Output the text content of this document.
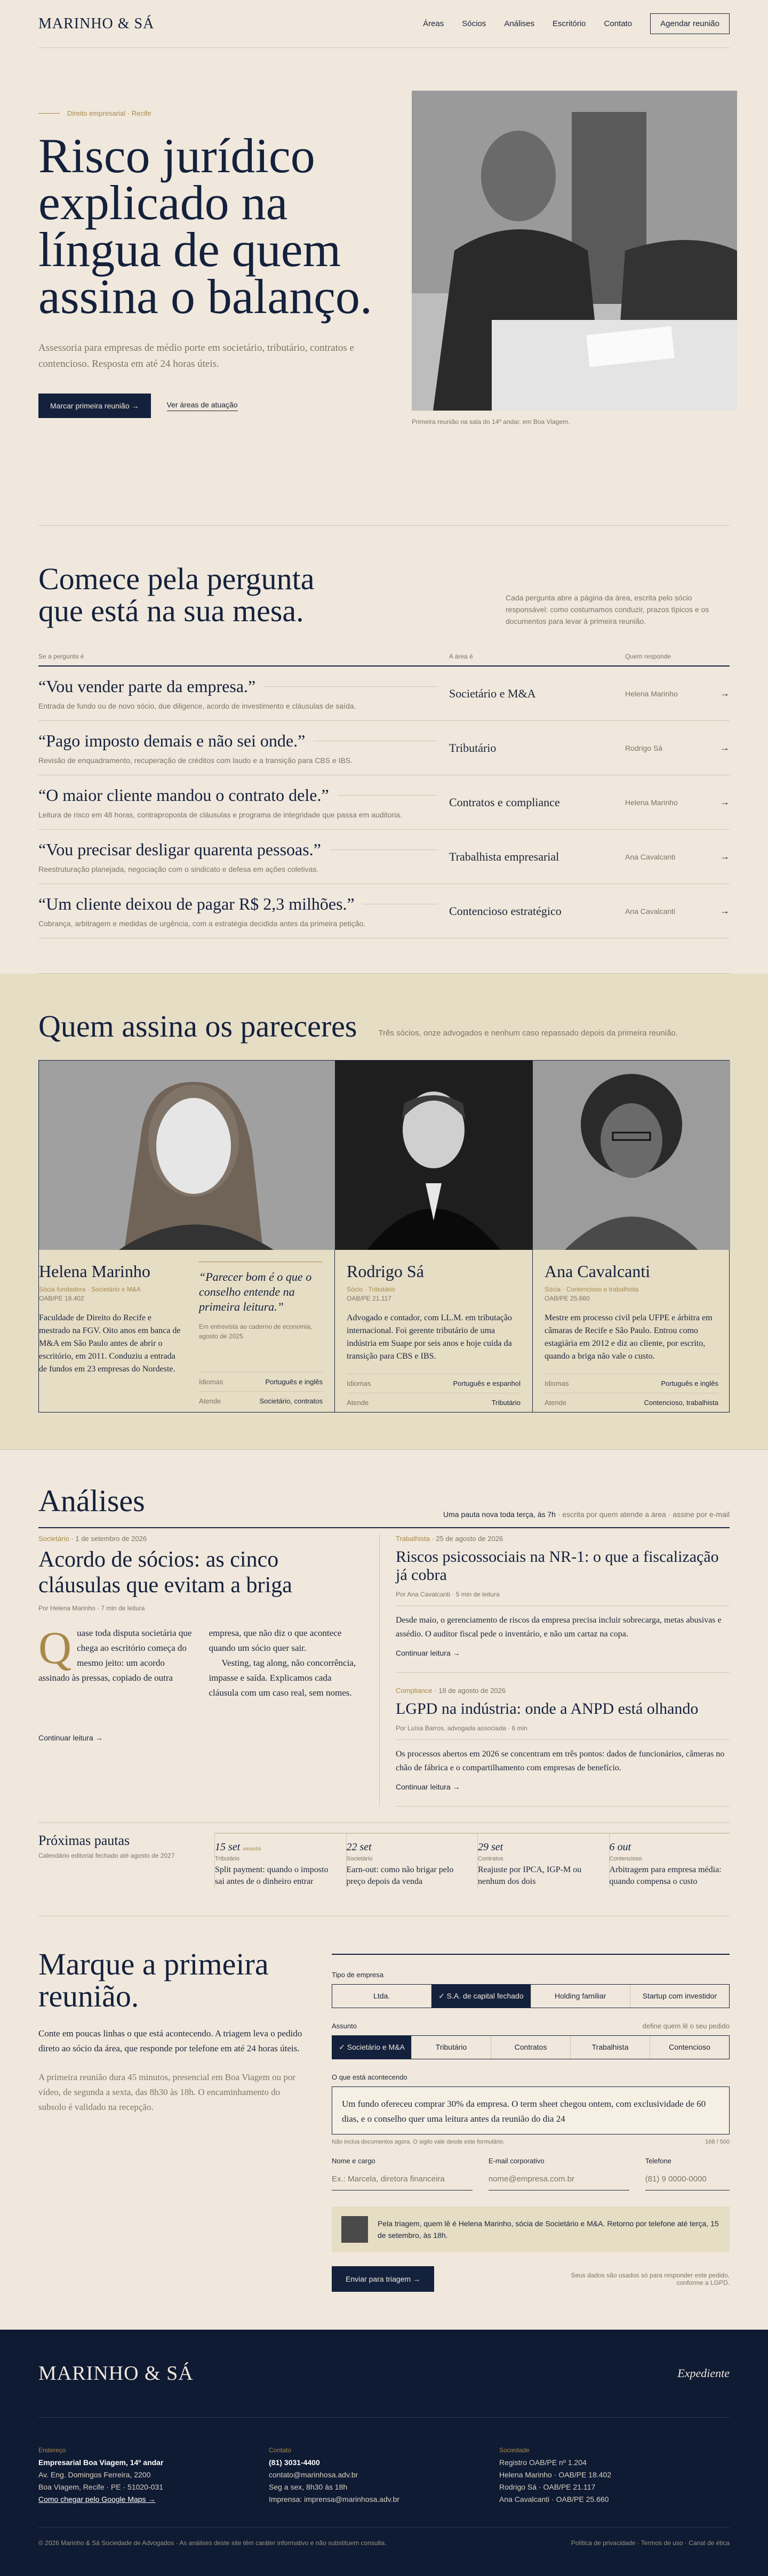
MARINHO & SÁ	Áreas Sócios Análises Escritório Contato	Agendar reunião
Direito empresarial · Recife
Risco jurídico explicado na língua de quem assina o balanço.

Assessoria para empresas de médio porte em societário, tributário, contratos e contencioso. Resposta em até 24 horas úteis.

Marcar primeira reunião →	Ver áreas de atuação
Primeira reunião na sala do 14º andar, em Boa Viagem.
Comece pela pergunta que está na sua mesa.	Cada pergunta abre a página da área, escrita pelo sócio responsável: como costumamos conduzir, prazos típicos e os documentos para levar à primeira reunião.

Se a pergunta é	A área é	Quem responde
“Vou vender parte da empresa.”
Entrada de fundo ou de novo sócio, due diligence, acordo de investimento e cláusulas de saída.
Societário e M&A	Helena Marinho	→
“Pago imposto demais e não sei onde.”
Revisão de enquadramento, recuperação de créditos com laudo e a transição para CBS e IBS.
Tributário	Rodrigo Sá	→
“O maior cliente mandou o contrato dele.”
Leitura de risco em 48 horas, contraproposta de cláusulas e programa de integridade que passa em auditoria.
Contratos e compliance	Helena Marinho	→
“Vou precisar desligar quarenta pessoas.”
Reestruturação planejada, negociação com o sindicato e defesa em ações coletivas.
Trabalhista empresarial	Ana Cavalcanti	→
“Um cliente deixou de pagar R$ 2,3 milhões.”
Cobrança, arbitragem e medidas de urgência, com a estratégia decidida antes da primeira petição.
Contencioso estratégico	Ana Cavalcanti	→
Quem assina os pareceres	Três sócios, onze advogados e nenhum caso repassado depois da primeira reunião.

Helena Marinho
Sócia fundadora · Societário e M&A
OAB/PE 18.402
Faculdade de Direito do Recife e mestrado na FGV. Oito anos em banca de M&A em São Paulo antes de abrir o escritório, em 2011. Conduziu a entrada de fundos em 23 empresas do Nordeste.
“Parecer bom é o que o conselho entende na primeira leitura.”
Em entrevista ao caderno de economia, agosto de 2025
Idiomas	Português e inglês
Atende	Societário, contratos
Rodrigo Sá
Sócio · Tributário
OAB/PE 21.117
Advogado e contador, com LL.M. em tributação internacional. Foi gerente tributário de uma indústria em Suape por seis anos e hoje cuida da transição para CBS e IBS.
Idiomas	Português e espanhol
Atende	Tributário
Ana Cavalcanti
Sócia · Contencioso e trabalhista
OAB/PE 25.660
Mestre em processo civil pela UFPE e árbitra em câmaras de Recife e São Paulo. Entrou como estagiária em 2012 e diz ao cliente, por escrito, quando a briga não vale o custo.
Idiomas	Português e inglês
Atende	Contencioso, trabalhista
Análises	Uma pauta nova toda terça, às 7h · escrita por quem atende a área · assine por e-mail
Societário · 1 de setembro de 2026
Acordo de sócios: as cinco cláusulas que evitam a briga
Por Helena Marinho · 7 min de leitura
Quase toda disputa societária que chega ao escritório começa do mesmo jeito: um acordo assinado às pressas, copiado de outra
empresa, que não diz o que acontece quando um sócio quer sair.
Vesting, tag along, não concorrência, impasse e saída. Explicamos cada cláusula com um caso real, sem nomes.
Continuar leitura →
Trabalhista · 25 de agosto de 2026
Riscos psicossociais na NR-1: o que a fiscalização já cobra
Por Ana Cavalcanti · 5 min de leitura

Desde maio, o gerenciamento de riscos da empresa precisa incluir sobrecarga, metas abusivas e assédio. O auditor fiscal pede o inventário, e não um cartaz na copa.

Continuar leitura →
Compliance · 18 de agosto de 2026
LGPD na indústria: onde a ANPD está olhando
Por Luísa Barros, advogada associada · 6 min

Os processos abertos em 2026 se concentram em três pontos: dados de funcionários, câmeras no chão de fábrica e o compartilhamento com empresas de benefício.

Continuar leitura →
Próximas pautas
Calendário editorial fechado até agosto de 2027
15 set amanhã
Tributário
Split payment: quando o imposto sai antes de o dinheiro entrar
22 set
Societário
Earn-out: como não brigar pelo preço depois da venda
29 set
Contratos
Reajuste por IPCA, IGP-M ou nenhum dos dois
6 out
Contencioso
Arbitragem para empresa média: quando compensa o custo
Marque a primeira reunião.

Conte em poucas linhas o que está acontecendo. A triagem leva o pedido direto ao sócio da área, que responde por telefone em até 24 horas úteis.

A primeira reunião dura 45 minutos, presencial em Boa Viagem ou por vídeo, de segunda a sexta, das 8h30 às 18h. O encaminhamento do subsolo é validado na recepção.

Tipo de empresa
Ltda.	✓ S.A. de capital fechado	Holding familiar	Startup com investidor
Assunto	define quem lê o seu pedido
✓ Societário e M&A	Tributário	Contratos	Trabalhista	Contencioso
O que está acontecendo
Um fundo ofereceu comprar 30% da empresa. O term sheet chegou ontem, com exclusividade de 60 dias, e o conselho quer uma leitura antes da reunião do dia 24
Não inclua documentos agora. O sigilo vale desde este formulário.	168 / 500
Nome e cargo
Ex.: Marcela, diretora financeira
E-mail corporativo
nome@empresa.com.br
Telefone
(81) 9 0000-0000
Pela triagem, quem lê é Helena Marinho, sócia de Societário e M&A. Retorno por telefone até terça, 15 de setembro, às 18h.
Enviar para triagem →	Seus dados são usados só para responder este pedido, conforme a LGPD.
MARINHO & SÁ	Expediente
Endereço
Empresarial Boa Viagem, 14º andar
Av. Eng. Domingos Ferreira, 2200
Boa Viagem, Recife · PE · 51020-031
Como chegar pelo Google Maps →
Contato
(81) 3031-4400
contato@marinhosa.adv.br
Seg a sex, 8h30 às 18h
Imprensa: imprensa@marinhosa.adv.br
Sociedade
Registro OAB/PE nº 1.204
Helena Marinho · OAB/PE 18.402
Rodrigo Sá · OAB/PE 21.117
Ana Cavalcanti · OAB/PE 25.660
© 2026 Marinho & Sá Sociedade de Advogados · As análises deste site têm caráter informativo e não substituem consulta.	Política de privacidade · Termos de uso · Canal de ética
